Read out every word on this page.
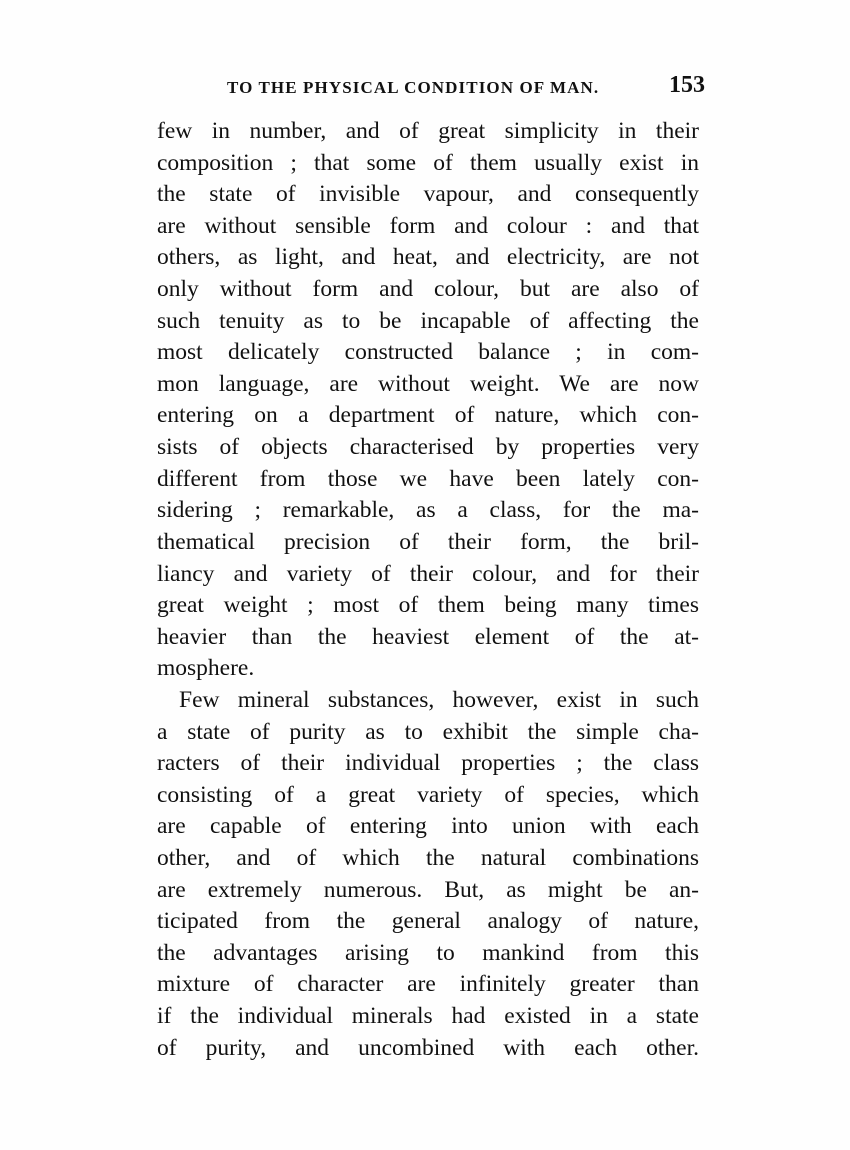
TO THE PHYSICAL CONDITION OF MAN.	153
few in number, and of great simplicity in their
composition ; that some of them usually exist in
the state of invisible vapour, and consequently
are without sensible form and colour : and that
others, as light, and heat, and electricity, are not
only without form and colour, but are also of
such tenuity as to be incapable of affecting the
most delicately constructed balance ; in com-
mon language, are without weight. We are now
entering on a department of nature, which con-
sists of objects characterised by properties very
different from those we have been lately con-
sidering ; remarkable, as a class, for the ma-
thematical precision of their form, the bril-
liancy and variety of their colour, and for their
great weight ; most of them being many times
heavier than the heaviest element of the at-
mosphere.
Few mineral substances, however, exist in such
a state of purity as to exhibit the simple cha-
racters of their individual properties ; the class
consisting of a great variety of species, which
are capable of entering into union with each
other, and of which the natural combinations
are extremely numerous. But, as might be an-
ticipated from the general analogy of nature,
the advantages arising to mankind from this
mixture of character are infinitely greater than
if the individual minerals had existed in a state
of purity, and uncombined with each other.
